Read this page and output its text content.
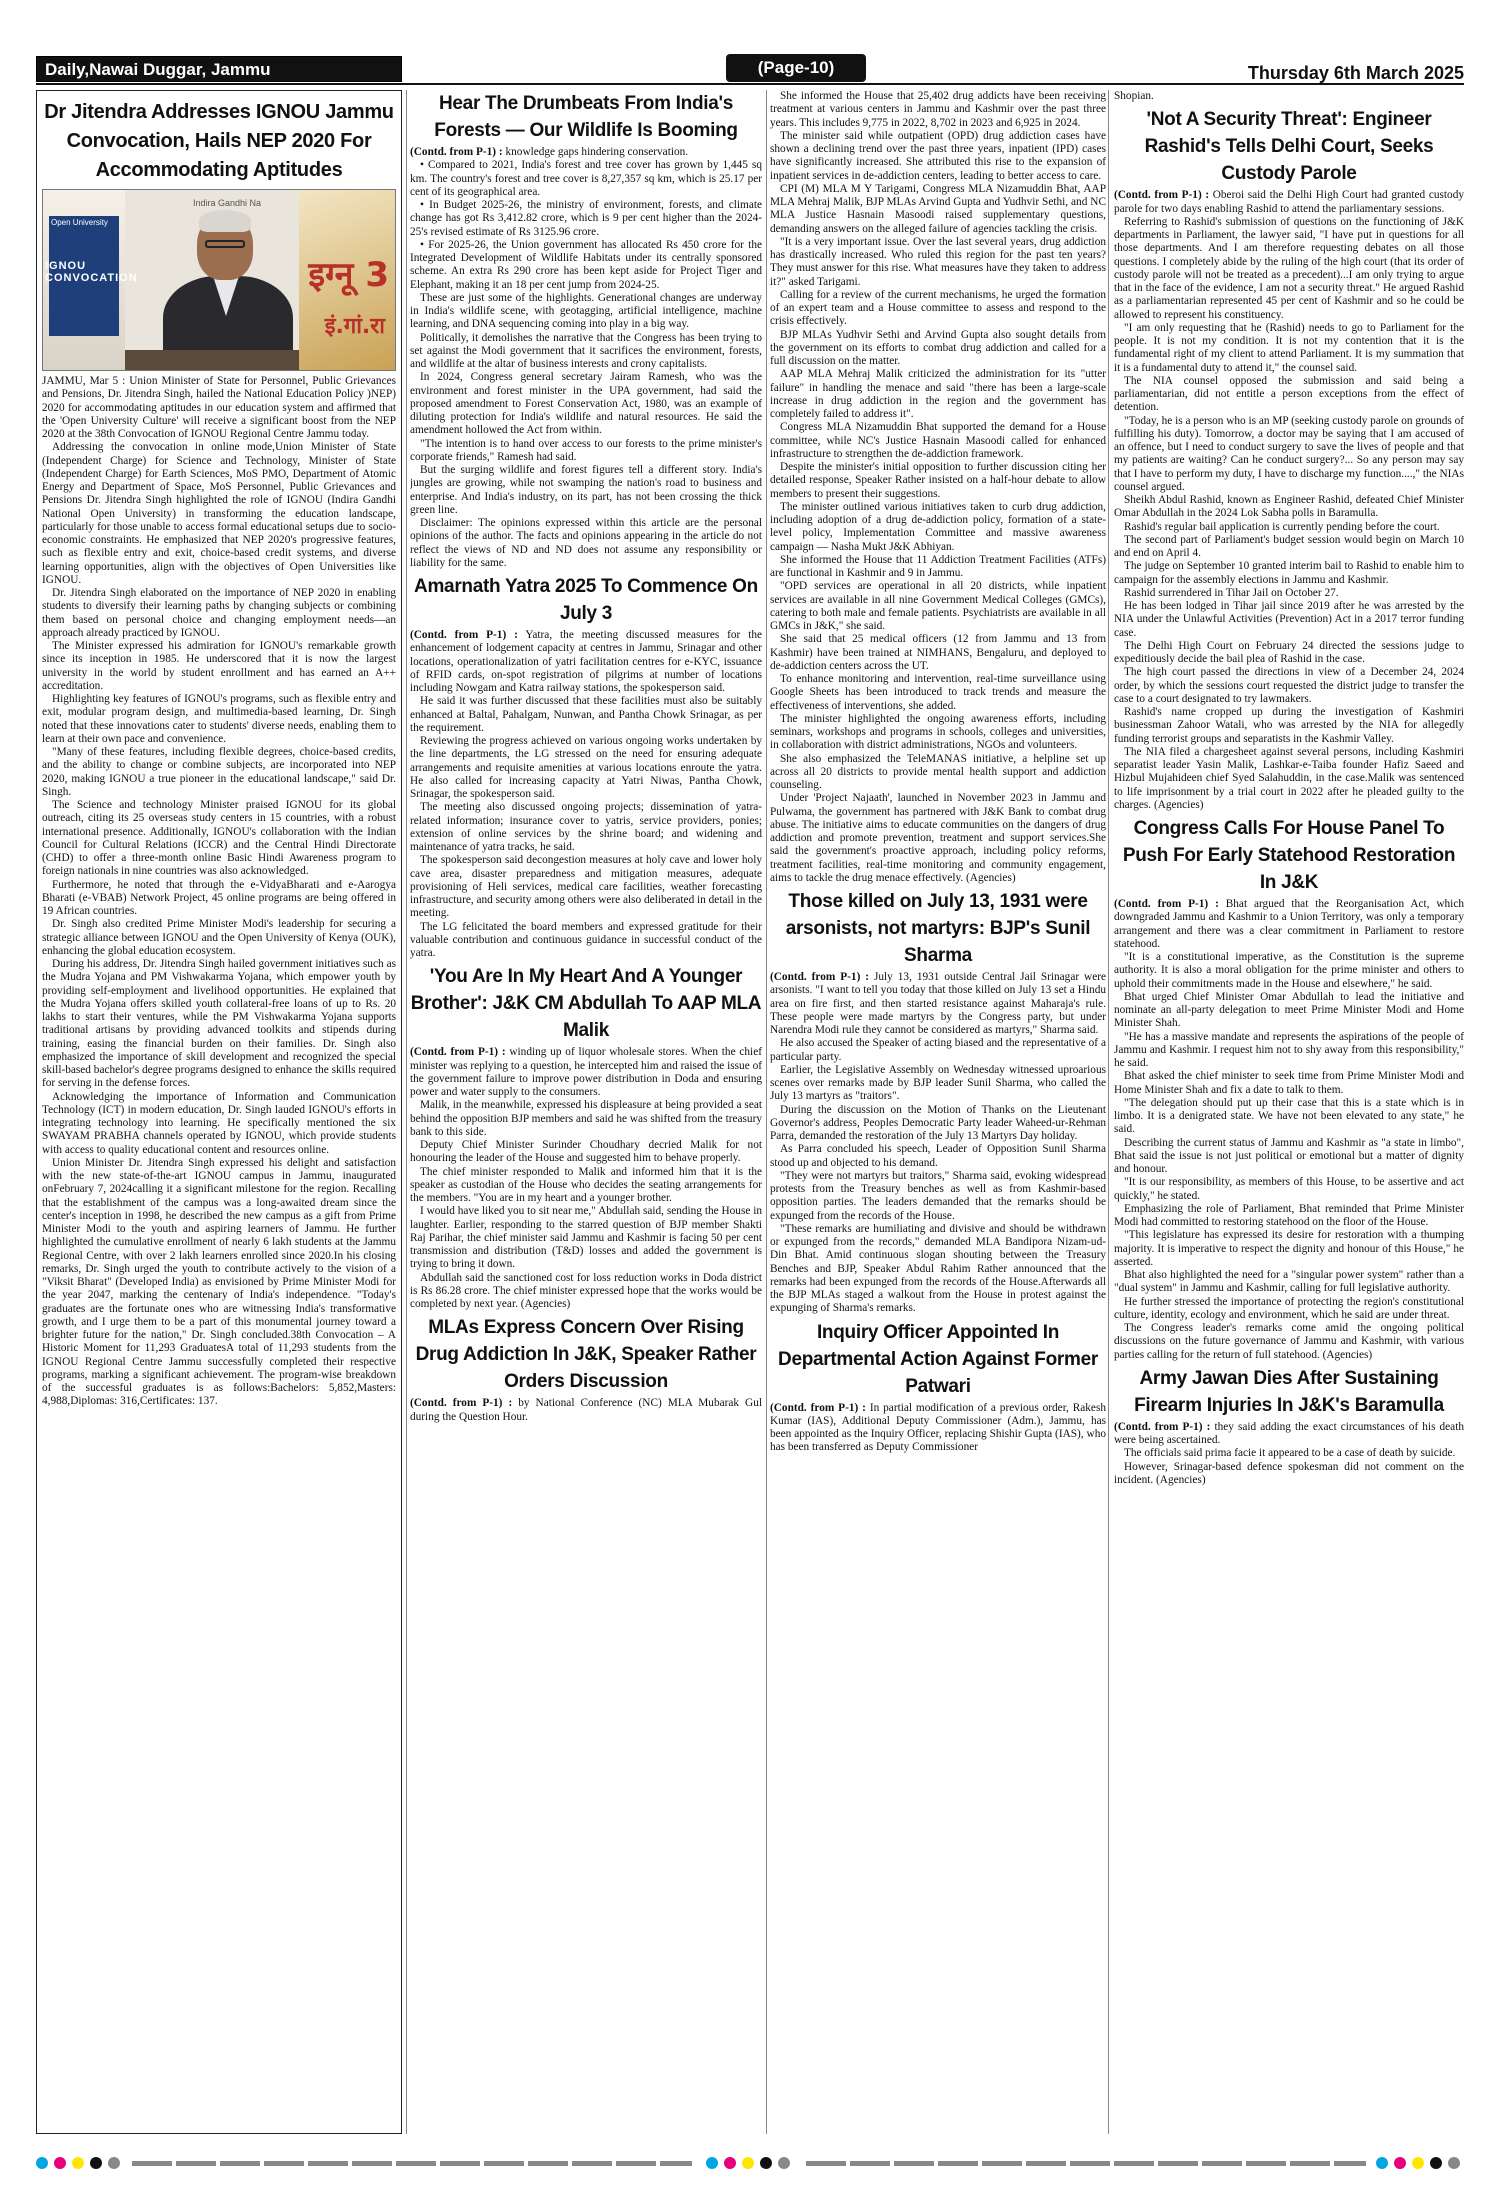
Daily,Nawai Duggar, Jammu	(Page-10)	Thursday 6th March 2025
Dr Jitendra Addresses IGNOU Jammu Convocation, Hails NEP 2020 For Accommodating Aptitudes
Open University
IGNOU CONVOCATION
Indira Gandhi Na
इग्नू 3
इं.गां.रा

JAMMU, Mar 5 : Union Minister of State for Personnel, Public Grievances and Pensions, Dr. Jitendra Singh, hailed the National Education Policy )NEP) 2020 for accommodating aptitudes in our education system and affirmed that the 'Open University Culture' will receive a significant boost from the NEP 2020 at the 38th Convocation of IGNOU Regional Centre Jammu today.

Addressing the convocation in online mode,Union Minister of State (Independent Charge) for Science and Technology, Minister of State (Independent Charge) for Earth Sciences, MoS PMO, Department of Atomic Energy and Department of Space, MoS Personnel, Public Grievances and Pensions Dr. Jitendra Singh highlighted the role of IGNOU (Indira Gandhi National Open University) in transforming the education landscape, particularly for those unable to access formal educational setups due to socio-economic constraints. He emphasized that NEP 2020's progressive features, such as flexible entry and exit, choice-based credit systems, and diverse learning opportunities, align with the objectives of Open Universities like IGNOU.

Dr. Jitendra Singh elaborated on the importance of NEP 2020 in enabling students to diversify their learning paths by changing subjects or combining them based on personal choice and changing employment needs—an approach already practiced by IGNOU.

The Minister expressed his admiration for IGNOU's remarkable growth since its inception in 1985. He underscored that it is now the largest university in the world by student enrollment and has earned an A++ accreditation.

Highlighting key features of IGNOU's programs, such as flexible entry and exit, modular program design, and multimedia-based learning, Dr. Singh noted that these innovations cater to students' diverse needs, enabling them to learn at their own pace and convenience.

"Many of these features, including flexible degrees, choice-based credits, and the ability to change or combine subjects, are incorporated into NEP 2020, making IGNOU a true pioneer in the educational landscape," said Dr. Singh.

The Science and technology Minister praised IGNOU for its global outreach, citing its 25 overseas study centers in 15 countries, with a robust international presence. Additionally, IGNOU's collaboration with the Indian Council for Cultural Relations (ICCR) and the Central Hindi Directorate (CHD) to offer a three-month online Basic Hindi Awareness program to foreign nationals in nine countries was also acknowledged.

Furthermore, he noted that through the e-VidyaBharati and e-Aarogya Bharati (e-VBAB) Network Project, 45 online programs are being offered in 19 African countries.

Dr. Singh also credited Prime Minister Modi's leadership for securing a strategic alliance between IGNOU and the Open University of Kenya (OUK), enhancing the global education ecosystem.

During his address, Dr. Jitendra Singh hailed government initiatives such as the Mudra Yojana and PM Vishwakarma Yojana, which empower youth by providing self-employment and livelihood opportunities. He explained that the Mudra Yojana offers skilled youth collateral-free loans of up to Rs. 20 lakhs to start their ventures, while the PM Vishwakarma Yojana supports traditional artisans by providing advanced toolkits and stipends during training, easing the financial burden on their families. Dr. Singh also emphasized the importance of skill development and recognized the special skill-based bachelor's degree programs designed to enhance the skills required for serving in the defense forces.

Acknowledging the importance of Information and Communication Technology (ICT) in modern education, Dr. Singh lauded IGNOU's efforts in integrating technology into learning. He specifically mentioned the six SWAYAM PRABHA channels operated by IGNOU, which provide students with access to quality educational content and resources online.

Union Minister Dr. Jitendra Singh expressed his delight and satisfaction with the new state-of-the-art IGNOU campus in Jammu, inaugurated onFebruary 7, 2024calling it a significant milestone for the region. Recalling that the establishment of the campus was a long-awaited dream since the center's inception in 1998, he described the new campus as a gift from Prime Minister Modi to the youth and aspiring learners of Jammu. He further highlighted the cumulative enrollment of nearly 6 lakh students at the Jammu Regional Centre, with over 2 lakh learners enrolled since 2020.In his closing remarks, Dr. Singh urged the youth to contribute actively to the vision of a "Viksit Bharat" (Developed India) as envisioned by Prime Minister Modi for the year 2047, marking the centenary of India's independence. "Today's graduates are the fortunate ones who are witnessing India's transformative growth, and I urge them to be a part of this monumental journey toward a brighter future for the nation," Dr. Singh concluded.38th Convocation – A Historic Moment for 11,293 GraduatesA total of 11,293 students from the IGNOU Regional Centre Jammu successfully completed their respective programs, marking a significant achievement. The program-wise breakdown of the successful graduates is as follows:Bachelors: 5,852,Masters: 4,988,Diplomas: 316,Certificates: 137.

Hear The Drumbeats From India's Forests — Our Wildlife Is Booming

(Contd. from P-1) : knowledge gaps hindering conservation.

• Compared to 2021, India's forest and tree cover has grown by 1,445 sq km. The country's forest and tree cover is 8,27,357 sq km, which is 25.17 per cent of its geographical area.

• In Budget 2025-26, the ministry of environment, forests, and climate change has got Rs 3,412.82 crore, which is 9 per cent higher than the 2024-25's revised estimate of Rs 3125.96 crore.

• For 2025-26, the Union government has allocated Rs 450 crore for the Integrated Development of Wildlife Habitats under its centrally sponsored scheme. An extra Rs 290 crore has been kept aside for Project Tiger and Elephant, making it an 18 per cent jump from 2024-25.

These are just some of the highlights. Generational changes are underway in India's wildlife scene, with geotagging, artificial intelligence, machine learning, and DNA sequencing coming into play in a big way.

Politically, it demolishes the narrative that the Congress has been trying to set against the Modi government that it sacrifices the environment, forests, and wildlife at the altar of business interests and crony capitalists.

In 2024, Congress general secretary Jairam Ramesh, who was the environment and forest minister in the UPA government, had said the proposed amendment to Forest Conservation Act, 1980, was an example of diluting protection for India's wildlife and natural resources. He said the amendment hollowed the Act from within.

"The intention is to hand over access to our forests to the prime minister's corporate friends," Ramesh had said.

But the surging wildlife and forest figures tell a different story. India's jungles are growing, while not swamping the nation's road to business and enterprise. And India's industry, on its part, has not been crossing the thick green line.

Disclaimer: The opinions expressed within this article are the personal opinions of the author. The facts and opinions appearing in the article do not reflect the views of ND and ND does not assume any responsibility or liability for the same.

Amarnath Yatra 2025 To Commence On July 3

(Contd. from P-1) : Yatra, the meeting discussed measures for the enhancement of lodgement capacity at centres in Jammu, Srinagar and other locations, operationalization of yatri facilitation centres for e-KYC, issuance of RFID cards, on-spot registration of pilgrims at number of locations including Nowgam and Katra railway stations, the spokesperson said.

He said it was further discussed that these facilities must also be suitably enhanced at Baltal, Pahalgam, Nunwan, and Pantha Chowk Srinagar, as per the requirement.

Reviewing the progress achieved on various ongoing works undertaken by the line departments, the LG stressed on the need for ensuring adequate arrangements and requisite amenities at various locations enroute the yatra. He also called for increasing capacity at Yatri Niwas, Pantha Chowk, Srinagar, the spokesperson said.

The meeting also discussed ongoing projects; dissemination of yatra-related information; insurance cover to yatris, service providers, ponies; extension of online services by the shrine board; and widening and maintenance of yatra tracks, he said.

The spokesperson said decongestion measures at holy cave and lower holy cave area, disaster preparedness and mitigation measures, adequate provisioning of Heli services, medical care facilities, weather forecasting infrastructure, and security among others were also deliberated in detail in the meeting.

The LG felicitated the board members and expressed gratitude for their valuable contribution and continuous guidance in successful conduct of the yatra.

'You Are In My Heart And A Younger Brother': J&K CM Abdullah To AAP MLA Malik

(Contd. from P-1) : winding up of liquor wholesale stores. When the chief minister was replying to a question, he intercepted him and raised the issue of the government failure to improve power distribution in Doda and ensuring power and water supply to the consumers.

Malik, in the meanwhile, expressed his displeasure at being provided a seat behind the opposition BJP members and said he was shifted from the treasury bank to this side.

Deputy Chief Minister Surinder Choudhary decried Malik for not honouring the leader of the House and suggested him to behave properly.

The chief minister responded to Malik and informed him that it is the speaker as custodian of the House who decides the seating arrangements for the members. "You are in my heart and a younger brother.

I would have liked you to sit near me," Abdullah said, sending the House in laughter. Earlier, responding to the starred question of BJP member Shakti Raj Parihar, the chief minister said Jammu and Kashmir is facing 50 per cent transmission and distribution (T&D) losses and added the government is trying to bring it down.

Abdullah said the sanctioned cost for loss reduction works in Doda district is Rs 86.28 crore. The chief minister expressed hope that the works would be completed by next year. (Agencies)

MLAs Express Concern Over Rising Drug Addiction In J&K, Speaker Rather Orders Discussion

(Contd. from P-1) : by National Conference (NC) MLA Mubarak Gul during the Question Hour.

She informed the House that 25,402 drug addicts have been receiving treatment at various centers in Jammu and Kashmir over the past three years. This includes 9,775 in 2022, 8,702 in 2023 and 6,925 in 2024.

The minister said while outpatient (OPD) drug addiction cases have shown a declining trend over the past three years, inpatient (IPD) cases have significantly increased. She attributed this rise to the expansion of inpatient services in de-addiction centers, leading to better access to care.

CPI (M) MLA M Y Tarigami, Congress MLA Nizamuddin Bhat, AAP MLA Mehraj Malik, BJP MLAs Arvind Gupta and Yudhvir Sethi, and NC MLA Justice Hasnain Masoodi raised supplementary questions, demanding answers on the alleged failure of agencies tackling the crisis.

"It is a very important issue. Over the last several years, drug addiction has drastically increased. Who ruled this region for the past ten years? They must answer for this rise. What measures have they taken to address it?" asked Tarigami.

Calling for a review of the current mechanisms, he urged the formation of an expert team and a House committee to assess and respond to the crisis effectively.

BJP MLAs Yudhvir Sethi and Arvind Gupta also sought details from the government on its efforts to combat drug addiction and called for a full discussion on the matter.

AAP MLA Mehraj Malik criticized the administration for its "utter failure" in handling the menace and said "there has been a large-scale increase in drug addiction in the region and the government has completely failed to address it".

Congress MLA Nizamuddin Bhat supported the demand for a House committee, while NC's Justice Hasnain Masoodi called for enhanced infrastructure to strengthen the de-addiction framework.

Despite the minister's initial opposition to further discussion citing her detailed response, Speaker Rather insisted on a half-hour debate to allow members to present their suggestions.

The minister outlined various initiatives taken to curb drug addiction, including adoption of a drug de-addiction policy, formation of a state-level policy, Implementation Committee and massive awareness campaign — Nasha Mukt J&K Abhiyan.

She informed the House that 11 Addiction Treatment Facilities (ATFs) are functional in Kashmir and 9 in Jammu.

"OPD services are operational in all 20 districts, while inpatient services are available in all nine Government Medical Colleges (GMCs), catering to both male and female patients. Psychiatrists are available in all GMCs in J&K," she said.

She said that 25 medical officers (12 from Jammu and 13 from Kashmir) have been trained at NIMHANS, Bengaluru, and deployed to de-addiction centers across the UT.

To enhance monitoring and intervention, real-time surveillance using Google Sheets has been introduced to track trends and measure the effectiveness of interventions, she added.

The minister highlighted the ongoing awareness efforts, including seminars, workshops and programs in schools, colleges and universities, in collaboration with district administrations, NGOs and volunteers.

She also emphasized the TeleMANAS initiative, a helpline set up across all 20 districts to provide mental health support and addiction counseling.

Under 'Project Najaath', launched in November 2023 in Jammu and Pulwama, the government has partnered with J&K Bank to combat drug abuse. The initiative aims to educate communities on the dangers of drug addiction and promote prevention, treatment and support services.She said the government's proactive approach, including policy reforms, treatment facilities, real-time monitoring and community engagement, aims to tackle the drug menace effectively. (Agencies)

Those killed on July 13, 1931 were arsonists, not martyrs: BJP's Sunil Sharma

(Contd. from P-1) : July 13, 1931 outside Central Jail Srinagar were arsonists. "I want to tell you today that those killed on July 13 set a Hindu area on fire first, and then started resistance against Maharaja's rule. These people were made martyrs by the Congress party, but under Narendra Modi rule they cannot be considered as martyrs," Sharma said.

He also accused the Speaker of acting biased and the representative of a particular party.

Earlier, the Legislative Assembly on Wednesday witnessed uproarious scenes over remarks made by BJP leader Sunil Sharma, who called the July 13 martyrs as "traitors".

During the discussion on the Motion of Thanks on the Lieutenant Governor's address, Peoples Democratic Party leader Waheed-ur-Rehman Parra, demanded the restoration of the July 13 Martyrs Day holiday.

As Parra concluded his speech, Leader of Opposition Sunil Sharma stood up and objected to his demand.

"They were not martyrs but traitors," Sharma said, evoking widespread protests from the Treasury benches as well as from Kashmir-based opposition parties. The leaders demanded that the remarks should be expunged from the records of the House.

"These remarks are humiliating and divisive and should be withdrawn or expunged from the records," demanded MLA Bandipora Nizam-ud-Din Bhat. Amid continuous slogan shouting between the Treasury Benches and BJP, Speaker Abdul Rahim Rather announced that the remarks had been expunged from the records of the House.Afterwards all the BJP MLAs staged a walkout from the House in protest against the expunging of Sharma's remarks.

Inquiry Officer Appointed In Departmental Action Against Former Patwari

(Contd. from P-1) : In partial modification of a previous order, Rakesh Kumar (IAS), Additional Deputy Commissioner (Adm.), Jammu, has been appointed as the Inquiry Officer, replacing Shishir Gupta (IAS), who has been transferred as Deputy Commissioner

Shopian.

'Not A Security Threat': Engineer Rashid's Tells Delhi Court, Seeks Custody Parole

(Contd. from P-1) : Oberoi said the Delhi High Court had granted custody parole for two days enabling Rashid to attend the parliamentary sessions.

Referring to Rashid's submission of questions on the functioning of J&K departments in Parliament, the lawyer said, "I have put in questions for all those departments. And I am therefore requesting debates on all those questions. I completely abide by the ruling of the high court (that its order of custody parole will not be treated as a precedent)...I am only trying to argue that in the face of the evidence, I am not a security threat." He argued Rashid as a parliamentarian represented 45 per cent of Kashmir and so he could be allowed to represent his constituency.

"I am only requesting that he (Rashid) needs to go to Parliament for the people. It is not my condition. It is not my contention that it is the fundamental right of my client to attend Parliament. It is my summation that it is a fundamental duty to attend it," the counsel said.

The NIA counsel opposed the submission and said being a parliamentarian, did not entitle a person exceptions from the effect of detention.

"Today, he is a person who is an MP (seeking custody parole on grounds of fulfilling his duty). Tomorrow, a doctor may be saying that I am accused of an offence, but I need to conduct surgery to save the lives of people and that my patients are waiting? Can he conduct surgery?... So any person may say that I have to perform my duty, I have to discharge my function....," the NIAs counsel argued.

Sheikh Abdul Rashid, known as Engineer Rashid, defeated Chief Minister Omar Abdullah in the 2024 Lok Sabha polls in Baramulla.

Rashid's regular bail application is currently pending before the court.

The second part of Parliament's budget session would begin on March 10 and end on April 4.

The judge on September 10 granted interim bail to Rashid to enable him to campaign for the assembly elections in Jammu and Kashmir.

Rashid surrendered in Tihar Jail on October 27.

He has been lodged in Tihar jail since 2019 after he was arrested by the NIA under the Unlawful Activities (Prevention) Act in a 2017 terror funding case.

The Delhi High Court on February 24 directed the sessions judge to expeditiously decide the bail plea of Rashid in the case.

The high court passed the directions in view of a December 24, 2024 order, by which the sessions court requested the district judge to transfer the case to a court designated to try lawmakers.

Rashid's name cropped up during the investigation of Kashmiri businessman Zahoor Watali, who was arrested by the NIA for allegedly funding terrorist groups and separatists in the Kashmir Valley.

The NIA filed a chargesheet against several persons, including Kashmiri separatist leader Yasin Malik, Lashkar-e-Taiba founder Hafiz Saeed and Hizbul Mujahideen chief Syed Salahuddin, in the case.Malik was sentenced to life imprisonment by a trial court in 2022 after he pleaded guilty to the charges. (Agencies)

Congress Calls For House Panel To Push For Early Statehood Restoration In J&K

(Contd. from P-1) : Bhat argued that the Reorganisation Act, which downgraded Jammu and Kashmir to a Union Territory, was only a temporary arrangement and there was a clear commitment in Parliament to restore statehood.

"It is a constitutional imperative, as the Constitution is the supreme authority. It is also a moral obligation for the prime minister and others to uphold their commitments made in the House and elsewhere," he said.

Bhat urged Chief Minister Omar Abdullah to lead the initiative and nominate an all-party delegation to meet Prime Minister Modi and Home Minister Shah.

"He has a massive mandate and represents the aspirations of the people of Jammu and Kashmir. I request him not to shy away from this responsibility," he said.

Bhat asked the chief minister to seek time from Prime Minister Modi and Home Minister Shah and fix a date to talk to them.

"The delegation should put up their case that this is a state which is in limbo. It is a denigrated state. We have not been elevated to any state," he said.

Describing the current status of Jammu and Kashmir as "a state in limbo", Bhat said the issue is not just political or emotional but a matter of dignity and honour.

"It is our responsibility, as members of this House, to be assertive and act quickly," he stated.

Emphasizing the role of Parliament, Bhat reminded that Prime Minister Modi had committed to restoring statehood on the floor of the House.

"This legislature has expressed its desire for restoration with a thumping majority. It is imperative to respect the dignity and honour of this House," he asserted.

Bhat also highlighted the need for a "singular power system" rather than a "dual system" in Jammu and Kashmir, calling for full legislative authority.

He further stressed the importance of protecting the region's constitutional culture, identity, ecology and environment, which he said are under threat.

The Congress leader's remarks come amid the ongoing political discussions on the future governance of Jammu and Kashmir, with various parties calling for the return of full statehood. (Agencies)

Army Jawan Dies After Sustaining Firearm Injuries In J&K's Baramulla

(Contd. from P-1) : they said adding the exact circumstances of his death were being ascertained.

The officials said prima facie it appeared to be a case of death by suicide.

However, Srinagar-based defence spokesman did not comment on the incident. (Agencies)
